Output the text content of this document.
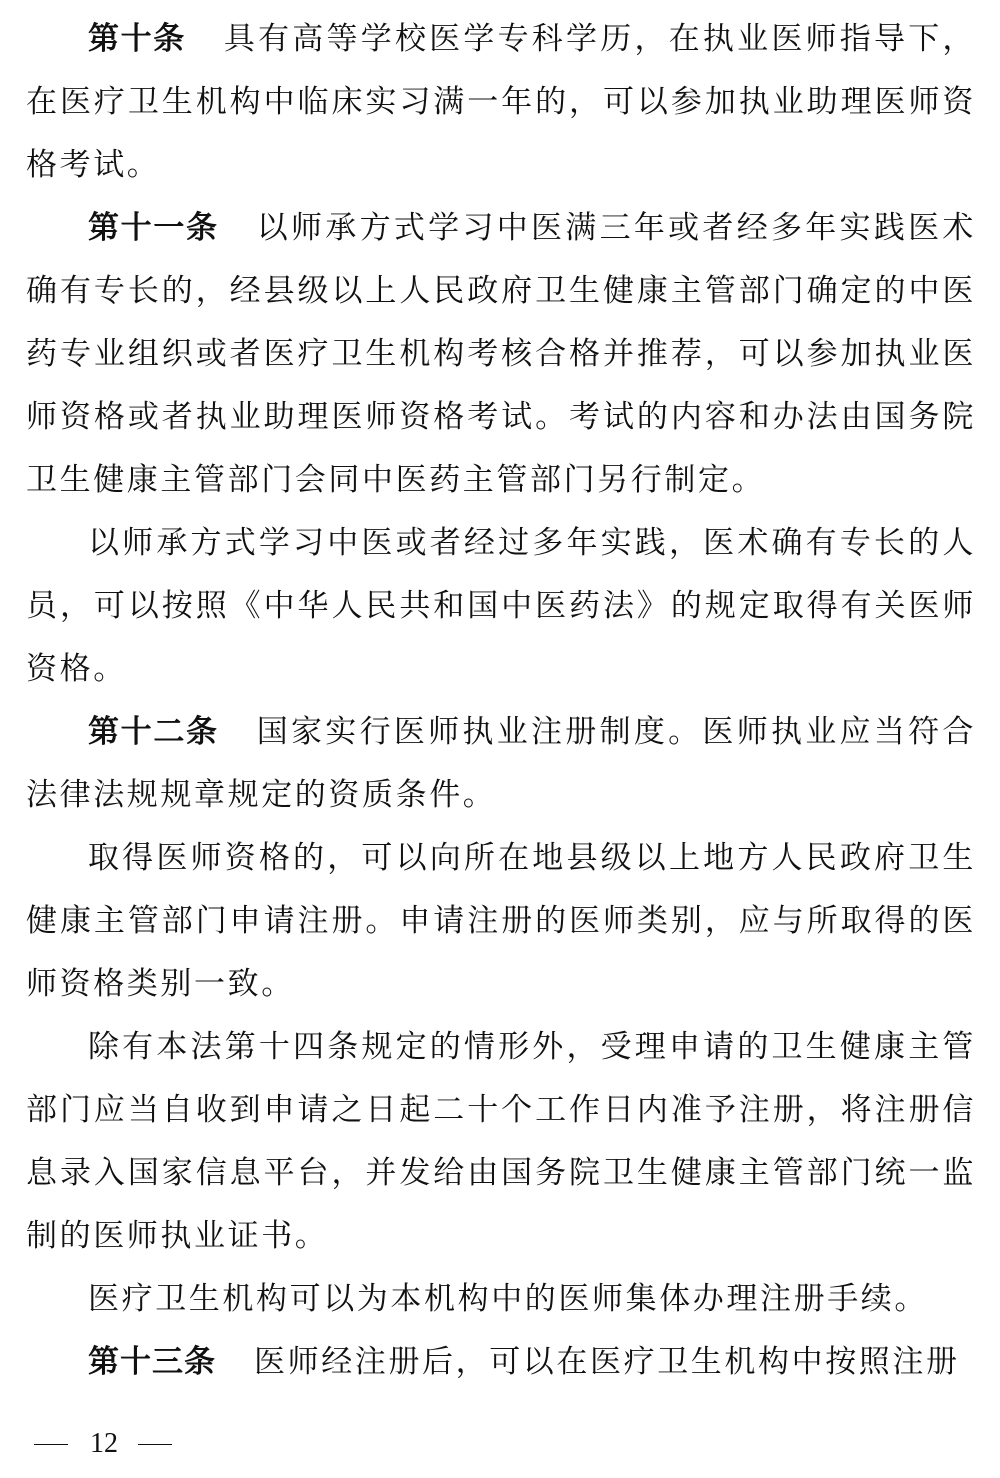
第十条 具有高等学校医学专科学历，在执业医师指导下，在医疗卫生机构中临床实习满一年的，可以参加执业助理医师资格考试。

第十一条 以师承方式学习中医满三年或者经多年实践医术确有专长的，经县级以上人民政府卫生健康主管部门确定的中医药专业组织或者医疗卫生机构考核合格并推荐，可以参加执业医师资格或者执业助理医师资格考试。考试的内容和办法由国务院卫生健康主管部门会同中医药主管部门另行制定。

以师承方式学习中医或者经过多年实践，医术确有专长的人员，可以按照《中华人民共和国中医药法》的规定取得有关医师资格。

第十二条 国家实行医师执业注册制度。医师执业应当符合法律法规规章规定的资质条件。

取得医师资格的，可以向所在地县级以上地方人民政府卫生健康主管部门申请注册。申请注册的医师类别，应与所取得的医师资格类别一致。

除有本法第十四条规定的情形外，受理申请的卫生健康主管部门应当自收到申请之日起二十个工作日内准予注册，将注册信息录入国家信息平台，并发给由国务院卫生健康主管部门统一监制的医师执业证书。

医疗卫生机构可以为本机构中的医师集体办理注册手续。

第十三条 医师经注册后，可以在医疗卫生机构中按照注册

12
